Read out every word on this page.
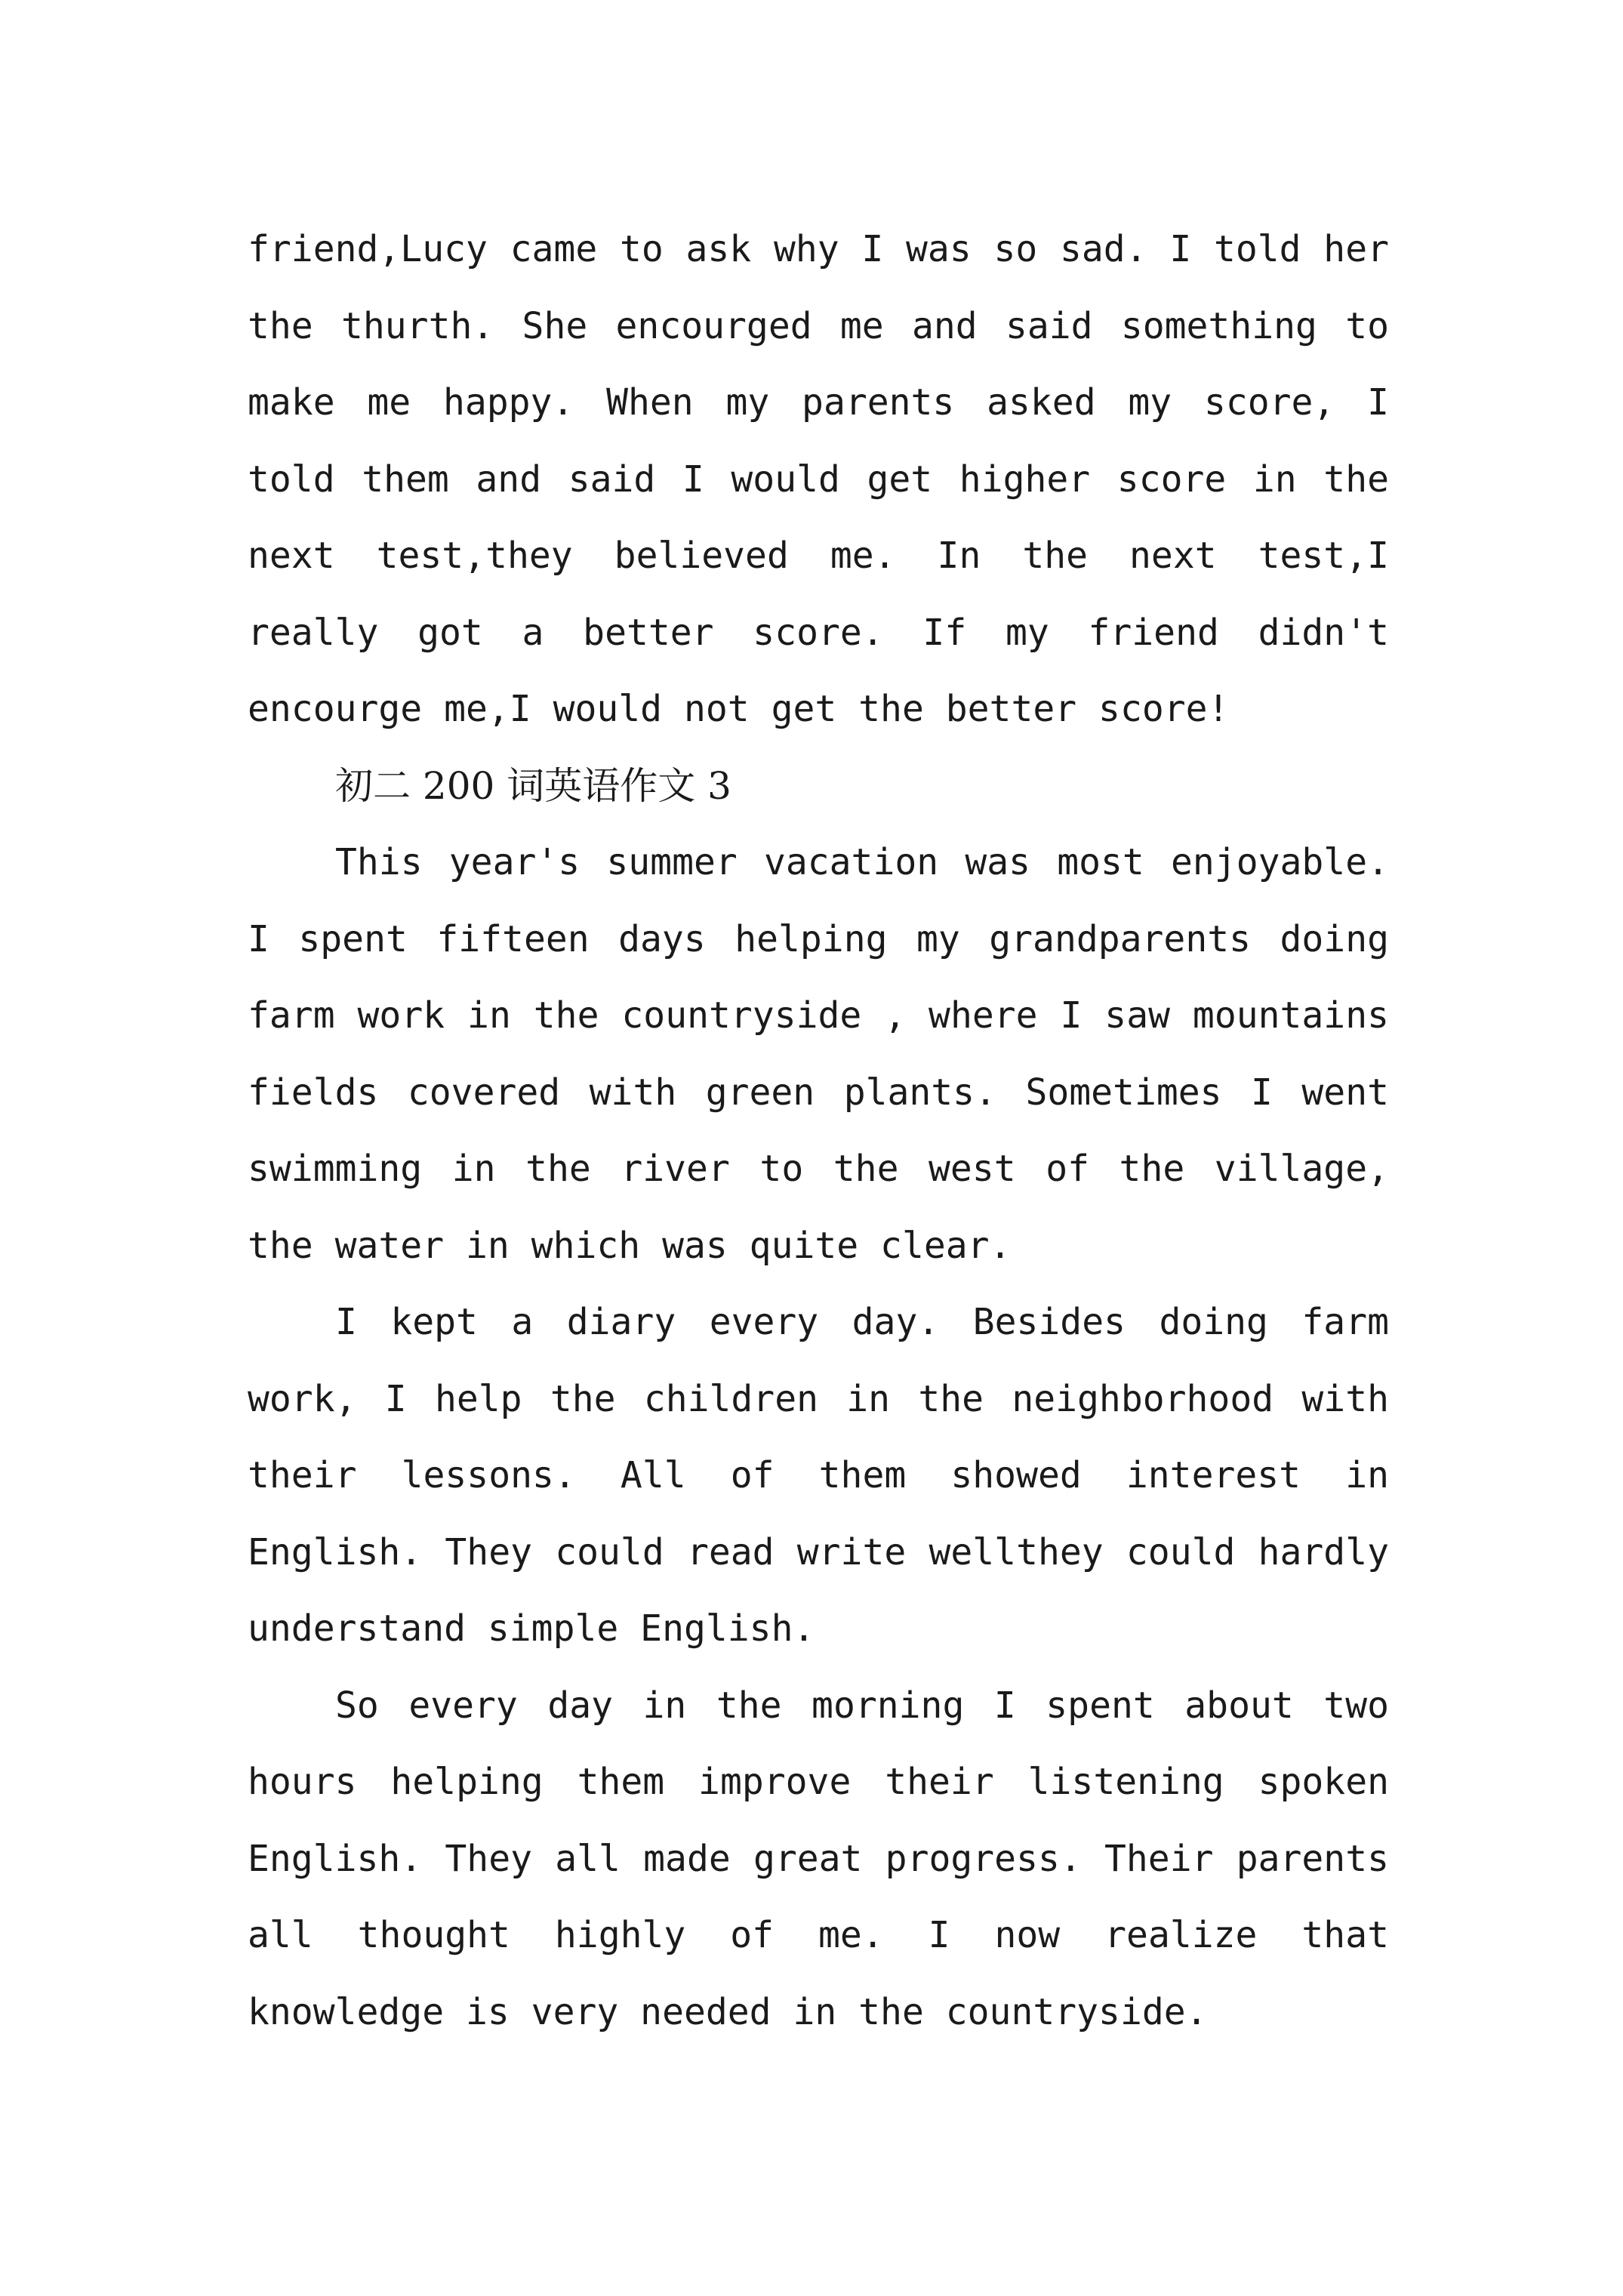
friend,Lucy came to ask why I was so sad. I told her the thurth. She encourged me and said something to make me happy. When my parents asked my score, I told them and said I would get higher score in the next test,they believed me. In the next test,I really got a better score. If my friend didn't encourge me,I would not get the better score!

初二 200 词英语作文 3

This year's summer vacation was most enjoyable. I spent fifteen days helping my grandparents doing farm work in the countryside , where I saw mountains fields covered with green plants. Sometimes I went swimming in the river to the west of the village, the water in which was quite clear.

I kept a diary every day. Besides doing farm work, I help the children in the neighborhood with their lessons. All of them showed interest in English. They could read write wellthey could hardly understand simple English.

So every day in the morning I spent about two hours helping them improve their listening spoken English. They all made great progress. Their parents all thought highly of me. I now realize that knowledge is very needed in the countryside.
